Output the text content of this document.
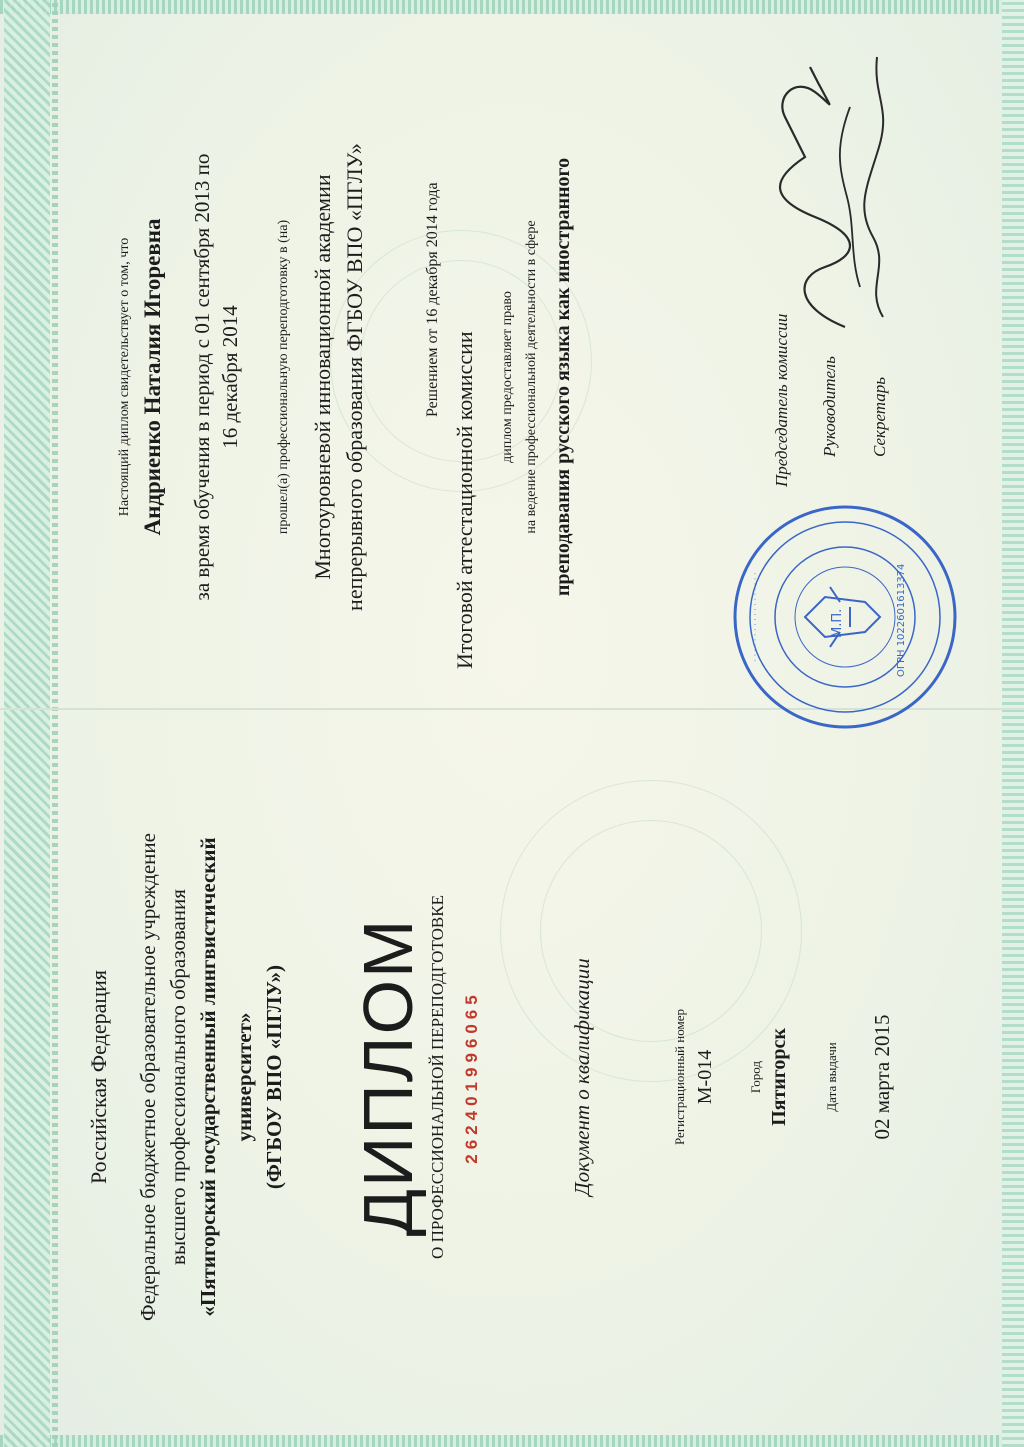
Российская Федерация Федеральное бюджетное образовательное учреждение высшего профессионального образования «Пятигорский государственный лингвистический университет» (ФГБОУ ВПО «ПГЛУ») ДИПЛОМ О ПРОФЕССИОНАЛЬНОЙ ПЕРЕПОДГОТОВКЕ 262401996065	Документ о квалификации	Регистрационный номер М-014 Город Пятигорск	Дата выдачи 02 марта 2015
Настоящий диплом свидетельствует о том, что Андриенко Наталия Игоревна за время обучения в период с 01 сентября 2013 по 16 декабря 2014 прошел(а) профессиональную переподготовку в (на) Многоуровневой инновационной академии непрерывного образования ФГБОУ ВПО «ПГЛУ»	Решением от 16 декабря 2014 года
Итоговой аттестационной комиссии диплом предоставляет право на ведение профессиональной деятельности в сфере преподавания русского языка как иностранного	Председатель комиссии Руководитель Секретарь
· · · · · · · · · · · · · · · · · ·	М.П.	ОГРН 1022601613374
